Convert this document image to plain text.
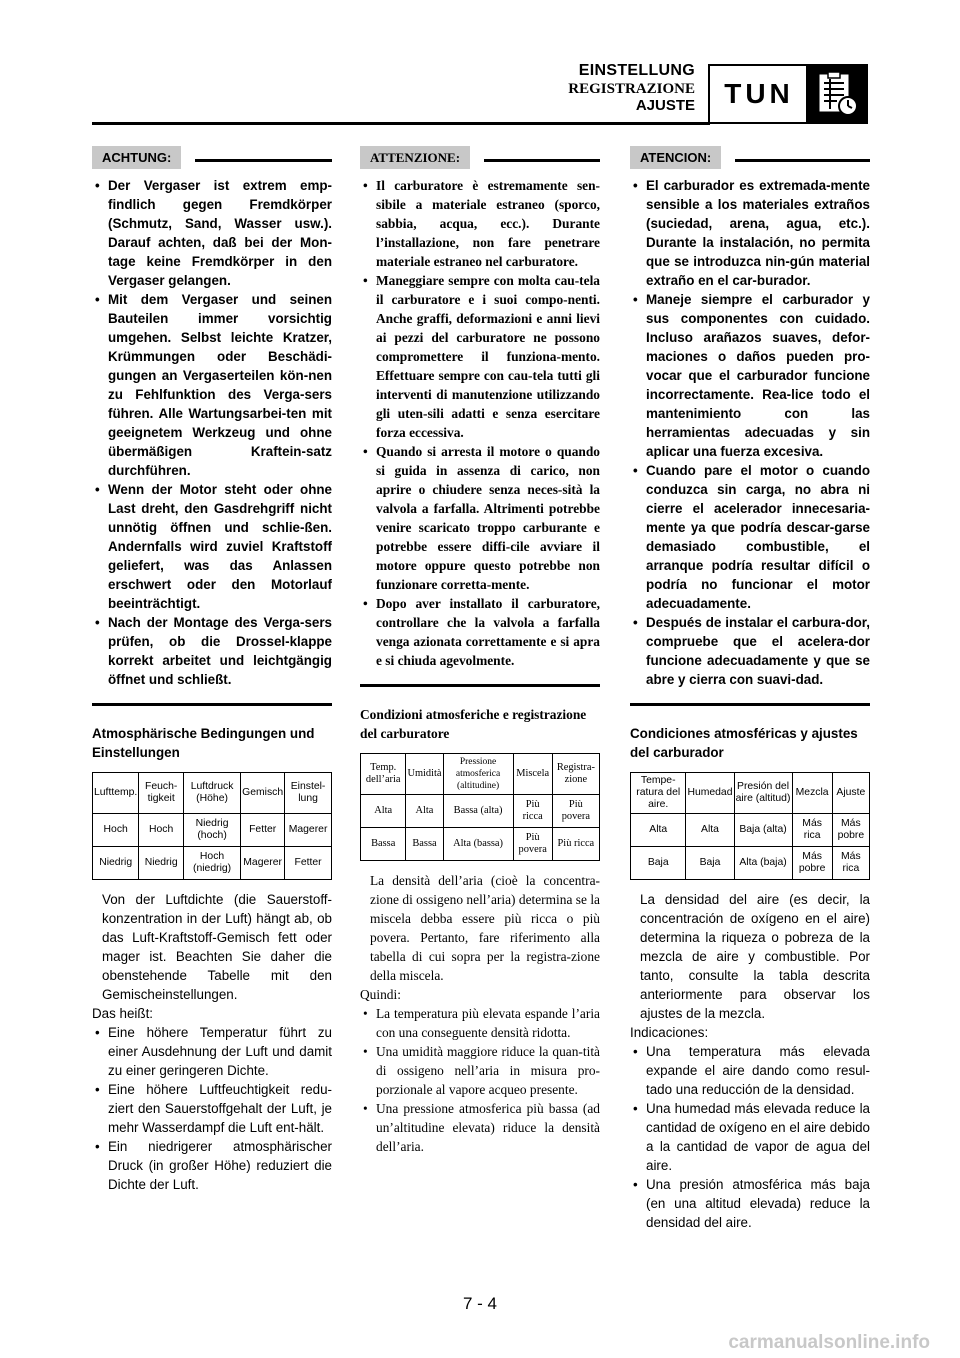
EINSTELLUNG
REGISTRAZIONE
AJUSTE	TUN
ACHTUNG:
• Der Vergaser ist extrem emp-findlich gegen Fremdkörper (Schmutz, Sand, Wasser usw.). Darauf achten, daß bei der Mon-tage keine Fremdkörper in den Vergaser gelangen.
• Mit dem Vergaser und seinen Bauteilen immer vorsichtig umgehen. Selbst leichte Kratzer, Krümmungen oder Beschädi-gungen an Vergaserteilen kön-nen zu Fehlfunktion des Verga-sers führen. Alle Wartungsarbei-ten mit geeignetem Werkzeug und ohne übermäßigen Kraftein-satz durchführen.
• Wenn der Motor steht oder ohne Last dreht, den Gasdrehgriff nicht unnötig öffnen und schlie-ßen. Andernfalls wird zuviel Kraftstoff geliefert, was das Anlassen erschwert oder den Motorlauf beeinträchtigt.
• Nach der Montage des Verga-sers prüfen, ob die Drossel-klappe korrekt arbeitet und leichtgängig öffnet und schließt.
Atmosphärische Bedingungen und Einstellungen
Lufttemp.	Feuch-tigkeit	Luftdruck (Höhe)	Gemisch	Einstel-lung
Hoch	Hoch	Niedrig (hoch)	Fetter	Magerer
Niedrig	Niedrig	Hoch (niedrig)	Magerer	Fetter

Von der Luftdichte (die Sauerstoff-konzentration in der Luft) hängt ab, ob das Luft-Kraftstoff-Gemisch fett oder mager ist. Beachten Sie daher die obenstehende Tabelle mit den Gemischeinstellungen.

Das heißt:

• Eine höhere Temperatur führt zu einer Ausdehnung der Luft und damit zu einer geringeren Dichte.
• Eine höhere Luftfeuchtigkeit redu-ziert den Sauerstoffgehalt der Luft, je mehr Wasserdampf die Luft ent-hält.
• Ein niedrigerer atmosphärischer Druck (in großer Höhe) reduziert die Dichte der Luft.
ATTENZIONE:
• Il carburatore è estremamente sen-sibile a materiale estraneo (sporco, sabbia, acqua, ecc.). Durante l’installazione, non fare penetrare materiale estraneo nel carburatore.
• Maneggiare sempre con molta cau-tela il carburatore e i suoi compo-nenti. Anche graffi, deformazioni e anni lievi ai pezzi del carburatore ne possono compromettere il funziona-mento. Effettuare sempre con cau-tela tutti gli interventi di manutenzione utilizzando gli uten-sili adatti e senza esercitare forza eccessiva.
• Quando si arresta il motore o quando si guida in assenza di carico, non aprire o chiudere senza neces-sità la valvola a farfalla. Altrimenti potrebbe venire scaricato troppo carburante e potrebbe essere diffi-cile avviare il motore oppure questo potrebbe non funzionare corretta-mente.
• Dopo aver installato il carburatore, controllare che la valvola a farfalla venga azionata correttamente e si apra e si chiuda agevolmente.
Condizioni atmosferiche e registrazione del carburatore
Temp. dell’aria	Umidità	Pressione atmosferica (altitudine)	Miscela	Registra-zione
Alta	Alta	Bassa (alta)	Più ricca	Più povera
Bassa	Bassa	Alta (bassa)	Più povera	Più ricca

La densità dell’aria (cioè la concentra-zione di ossigeno nell’aria) determina se la miscela debba essere più ricca o più povera. Pertanto, fare riferimento alla tabella di cui sopra per la registra-zione della miscela.

Quindi:

• La temperatura più elevata espande l’aria con una conseguente densità ridotta.
• Una umidità maggiore riduce la quan-tità di ossigeno nell’aria in misura pro-porzionale al vapore acqueo presente.
• Una pressione atmosferica più bassa (ad un’altitudine elevata) riduce la densità dell’aria.
ATENCION:
• El carburador es extremada-mente sensible a los materiales extraños (suciedad, arena, agua, etc.). Durante la instalación, no permita que se introduzca nin-gún material extraño en el car-burador.
• Maneje siempre el carburador y sus componentes con cuidado. Incluso arañazos suaves, defor-maciones o daños pueden pro-vocar que el carburador funcione incorrectamente. Rea-lice todo el mantenimiento con las herramientas adecuadas y sin aplicar una fuerza excesiva.
• Cuando pare el motor o cuando conduzca sin carga, no abra ni cierre el acelerador innecesaria-mente ya que podría descar-garse demasiado combustible, el arranque podría resultar difícil o podría no funcionar el motor adecuadamente.
• Después de instalar el carbura-dor, compruebe que el acelera-dor funcione adecuadamente y que se abre y cierra con suavi-dad.
Condiciones atmosféricas y ajustes del carburador
Tempe-ratura del aire.	Humedad	Presión del aire (altitud)	Mezcla	Ajuste
Alta	Alta	Baja (alta)	Más rica	Más pobre
Baja	Baja	Alta (baja)	Más pobre	Más rica

La densidad del aire (es decir, la concentración de oxígeno en el aire) determina la riqueza o pobreza de la mezcla de aire y combustible. Por tanto, consulte la tabla descrita anteriormente para observar los ajustes de la mezcla.

Indicaciones:

• Una temperatura más elevada expande el aire dando como resul-tado una reducción de la densidad.
• Una humedad más elevada reduce la cantidad de oxígeno en el aire debido a la cantidad de vapor de agua del aire.
• Una presión atmosférica más baja (en una altitud elevada) reduce la densidad del aire.
7 - 4
carmanualsonline.info
